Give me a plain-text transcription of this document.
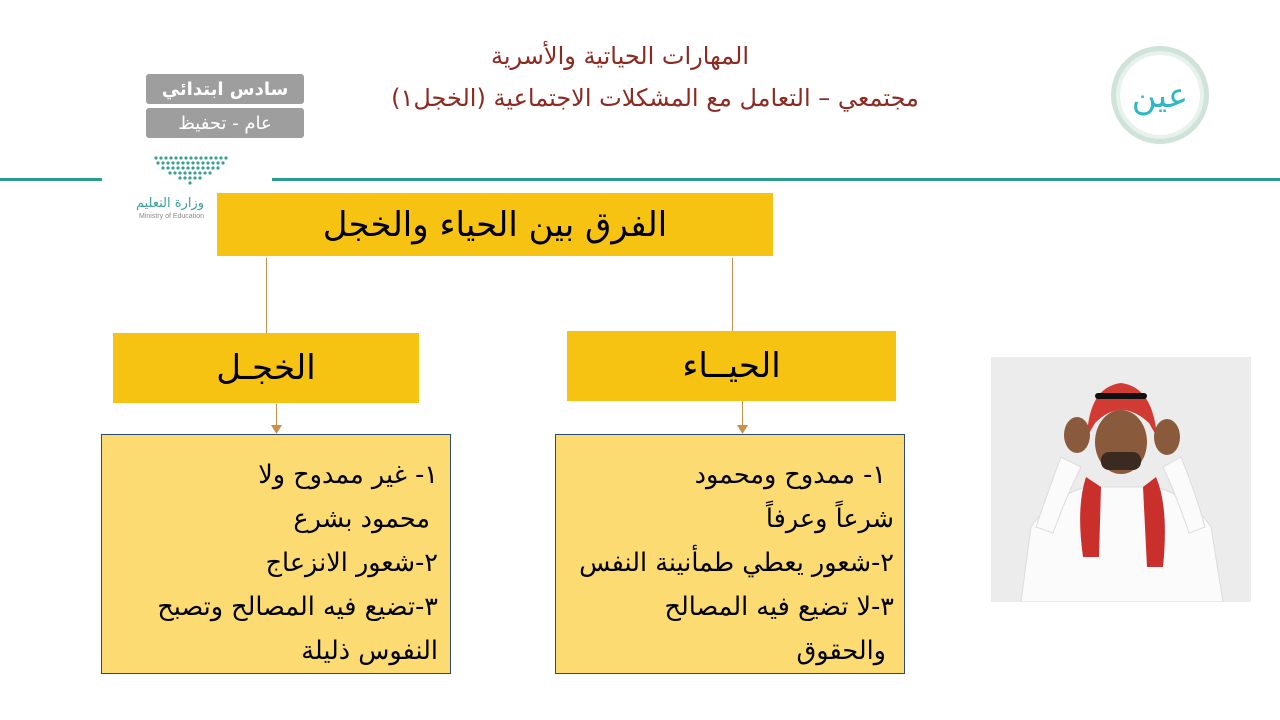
المهارات الحياتية والأسرية
مجتمعي – التعامل مع المشكلات الاجتماعية (الخجل١)
سادس ابتدائي
عام - تحفيظ
وزارة التعليم
Ministry of Education
عين
الفرق بين الحياء والخجل
الخجـل	الحيــاء
١- غير ممدوح ولا
محمود بشرع
٢-شعور الانزعاج
٣-تضيع فيه المصالح وتصبح
النفوس ذليلة
١- ممدوح ومحمود
شرعاً وعرفاً
٢-شعور يعطي طمأنينة النفس
٣-لا تضيع فيه المصالح
والحقوق
